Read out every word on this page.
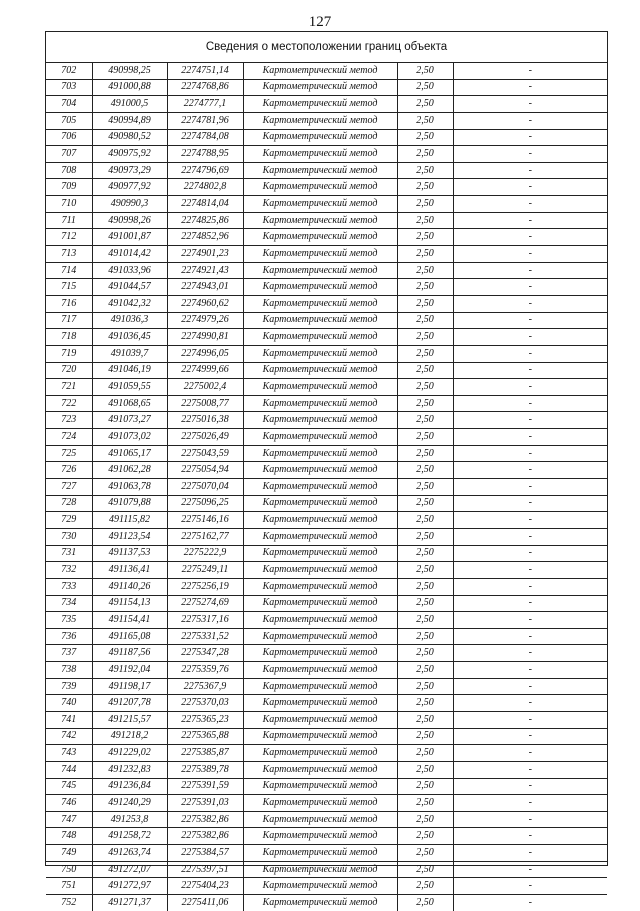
127
Сведения о местоположении границ объекта
702	490998,25	2274751,14	Картометрический метод	2,50	-
703	491000,88	2274768,86	Картометрический метод	2,50	-
704	491000,5	2274777,1	Картометрический метод	2,50	-
705	490994,89	2274781,96	Картометрический метод	2,50	-
706	490980,52	2274784,08	Картометрический метод	2,50	-
707	490975,92	2274788,95	Картометрический метод	2,50	-
708	490973,29	2274796,69	Картометрический метод	2,50	-
709	490977,92	2274802,8	Картометрический метод	2,50	-
710	490990,3	2274814,04	Картометрический метод	2,50	-
711	490998,26	2274825,86	Картометрический метод	2,50	-
712	491001,87	2274852,96	Картометрический метод	2,50	-
713	491014,42	2274901,23	Картометрический метод	2,50	-
714	491033,96	2274921,43	Картометрический метод	2,50	-
715	491044,57	2274943,01	Картометрический метод	2,50	-
716	491042,32	2274960,62	Картометрический метод	2,50	-
717	491036,3	2274979,26	Картометрический метод	2,50	-
718	491036,45	2274990,81	Картометрический метод	2,50	-
719	491039,7	2274996,05	Картометрический метод	2,50	-
720	491046,19	2274999,66	Картометрический метод	2,50	-
721	491059,55	2275002,4	Картометрический метод	2,50	-
722	491068,65	2275008,77	Картометрический метод	2,50	-
723	491073,27	2275016,38	Картометрический метод	2,50	-
724	491073,02	2275026,49	Картометрический метод	2,50	-
725	491065,17	2275043,59	Картометрический метод	2,50	-
726	491062,28	2275054,94	Картометрический метод	2,50	-
727	491063,78	2275070,04	Картометрический метод	2,50	-
728	491079,88	2275096,25	Картометрический метод	2,50	-
729	491115,82	2275146,16	Картометрический метод	2,50	-
730	491123,54	2275162,77	Картометрический метод	2,50	-
731	491137,53	2275222,9	Картометрический метод	2,50	-
732	491136,41	2275249,11	Картометрический метод	2,50	-
733	491140,26	2275256,19	Картометрический метод	2,50	-
734	491154,13	2275274,69	Картометрический метод	2,50	-
735	491154,41	2275317,16	Картометрический метод	2,50	-
736	491165,08	2275331,52	Картометрический метод	2,50	-
737	491187,56	2275347,28	Картометрический метод	2,50	-
738	491192,04	2275359,76	Картометрический метод	2,50	-
739	491198,17	2275367,9	Картометрический метод	2,50	-
740	491207,78	2275370,03	Картометрический метод	2,50	-
741	491215,57	2275365,23	Картометрический метод	2,50	-
742	491218,2	2275365,88	Картометрический метод	2,50	-
743	491229,02	2275385,87	Картометрический метод	2,50	-
744	491232,83	2275389,78	Картометрический метод	2,50	-
745	491236,84	2275391,59	Картометрический метод	2,50	-
746	491240,29	2275391,03	Картометрический метод	2,50	-
747	491253,8	2275382,86	Картометрический метод	2,50	-
748	491258,72	2275382,86	Картометрический метод	2,50	-
749	491263,74	2275384,57	Картометрический метод	2,50	-
750	491272,07	2275397,51	Картометрический метод	2,50	-
751	491272,97	2275404,23	Картометрический метод	2,50	-
752	491271,37	2275411,06	Картометрический метод	2,50	-
